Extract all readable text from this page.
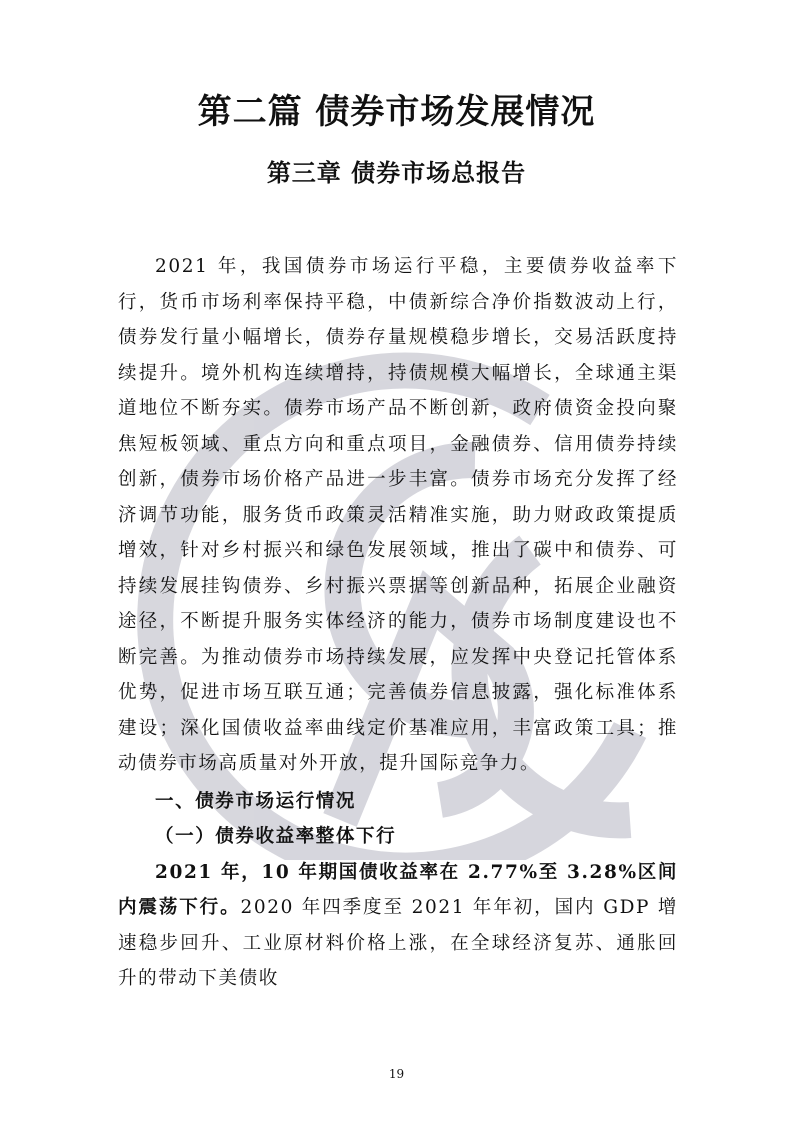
第二篇 债券市场发展情况
第三章 债券市场总报告

2021 年，我国债券市场运行平稳，主要债券收益率下行，货币市场利率保持平稳，中债新综合净价指数波动上行，债券发行量小幅增长，债券存量规模稳步增长，交易活跃度持续提升。境外机构连续增持，持债规模大幅增长，全球通主渠道地位不断夯实。债券市场产品不断创新，政府债资金投向聚焦短板领域、重点方向和重点项目，金融债券、信用债券持续创新，债券市场价格产品进一步丰富。债券市场充分发挥了经济调节功能，服务货币政策灵活精准实施，助力财政政策提质增效，针对乡村振兴和绿色发展领域，推出了碳中和债券、可持续发展挂钩债券、乡村振兴票据等创新品种，拓展企业融资途径，不断提升服务实体经济的能力，债券市场制度建设也不断完善。为推动债券市场持续发展，应发挥中央登记托管体系优势，促进市场互联互通；完善债券信息披露，强化标准体系建设；深化国债收益率曲线定价基准应用，丰富政策工具；推动债券市场高质量对外开放，提升国际竞争力。

一、债券市场运行情况

（一）债券收益率整体下行

2021 年，10 年期国债收益率在 2.77%至 3.28%区间内震荡下行。2020 年四季度至 2021 年年初，国内 GDP 增速稳步回升、工业原材料价格上涨，在全球经济复苏、通胀回升的带动下美债收

19
